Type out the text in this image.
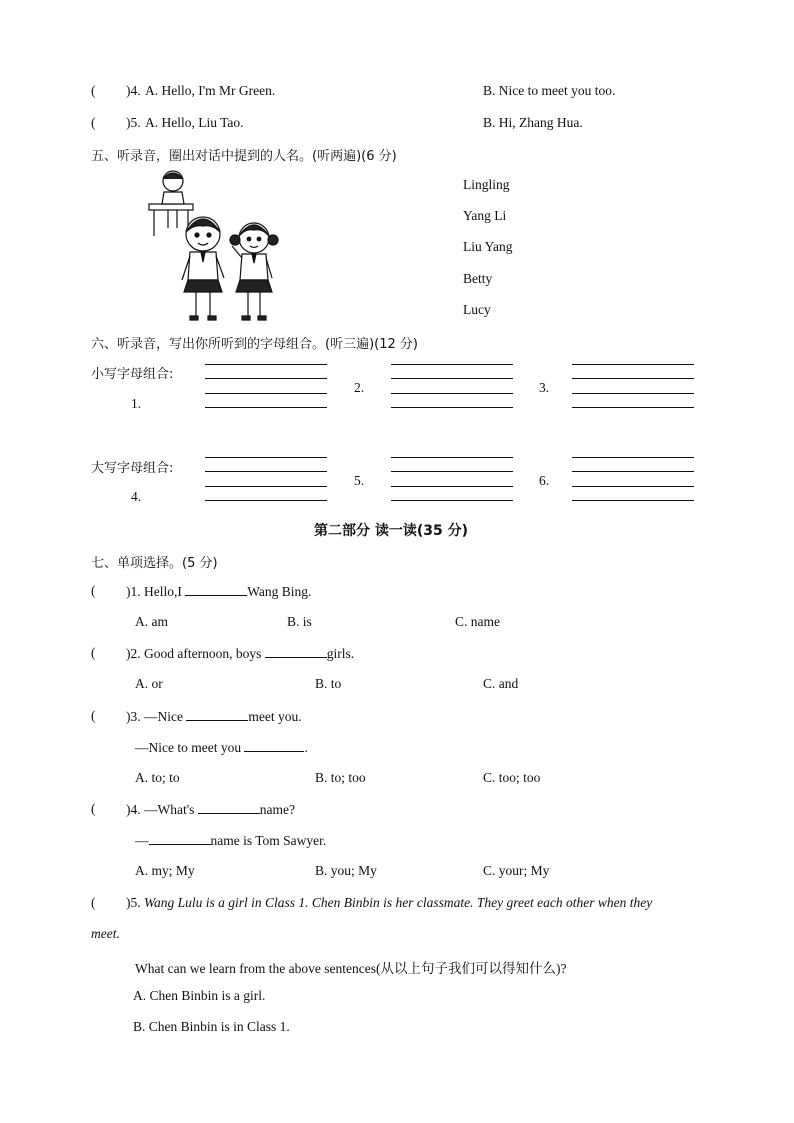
( )4. A. Hello, I'm Mr Green.	B. Nice to meet you too.
( )5. A. Hello, Liu Tao.	B. Hi, Zhang Hua.
五、听录音，圈出对话中提到的人名。(听两遍)(6 分)
Lingling
Yang Li
Liu Yang
Betty
Lucy
六、听录音，写出你所听到的字母组合。(听三遍)(12 分)
小写字母组合:
1.
2.	3.
大写字母组合:
4.
5.	6.
第二部分 读一读(35 分)
七、单项选择。(5 分)
( )1. Hello,I	Wang Bing.
A. am	B. is	C. name
( )2. Good afternoon, boys	girls.
A. or	B. to	C. and
( )3. —Nice	meet you.
—Nice to meet you	.
A. to; to	B. to; too	C. too; too
( )4. —What's	name?
—	name is Tom Sawyer.
A. my; My	B. you; My	C. your; My
( )5. Wang Lulu is a girl in Class 1. Chen Binbin is her classmate. They greet each other when they
meet.
What can we learn from the above sentences(从以上句子我们可以得知什么)?
A. Chen Binbin is a girl.
B. Chen Binbin is in Class 1.
